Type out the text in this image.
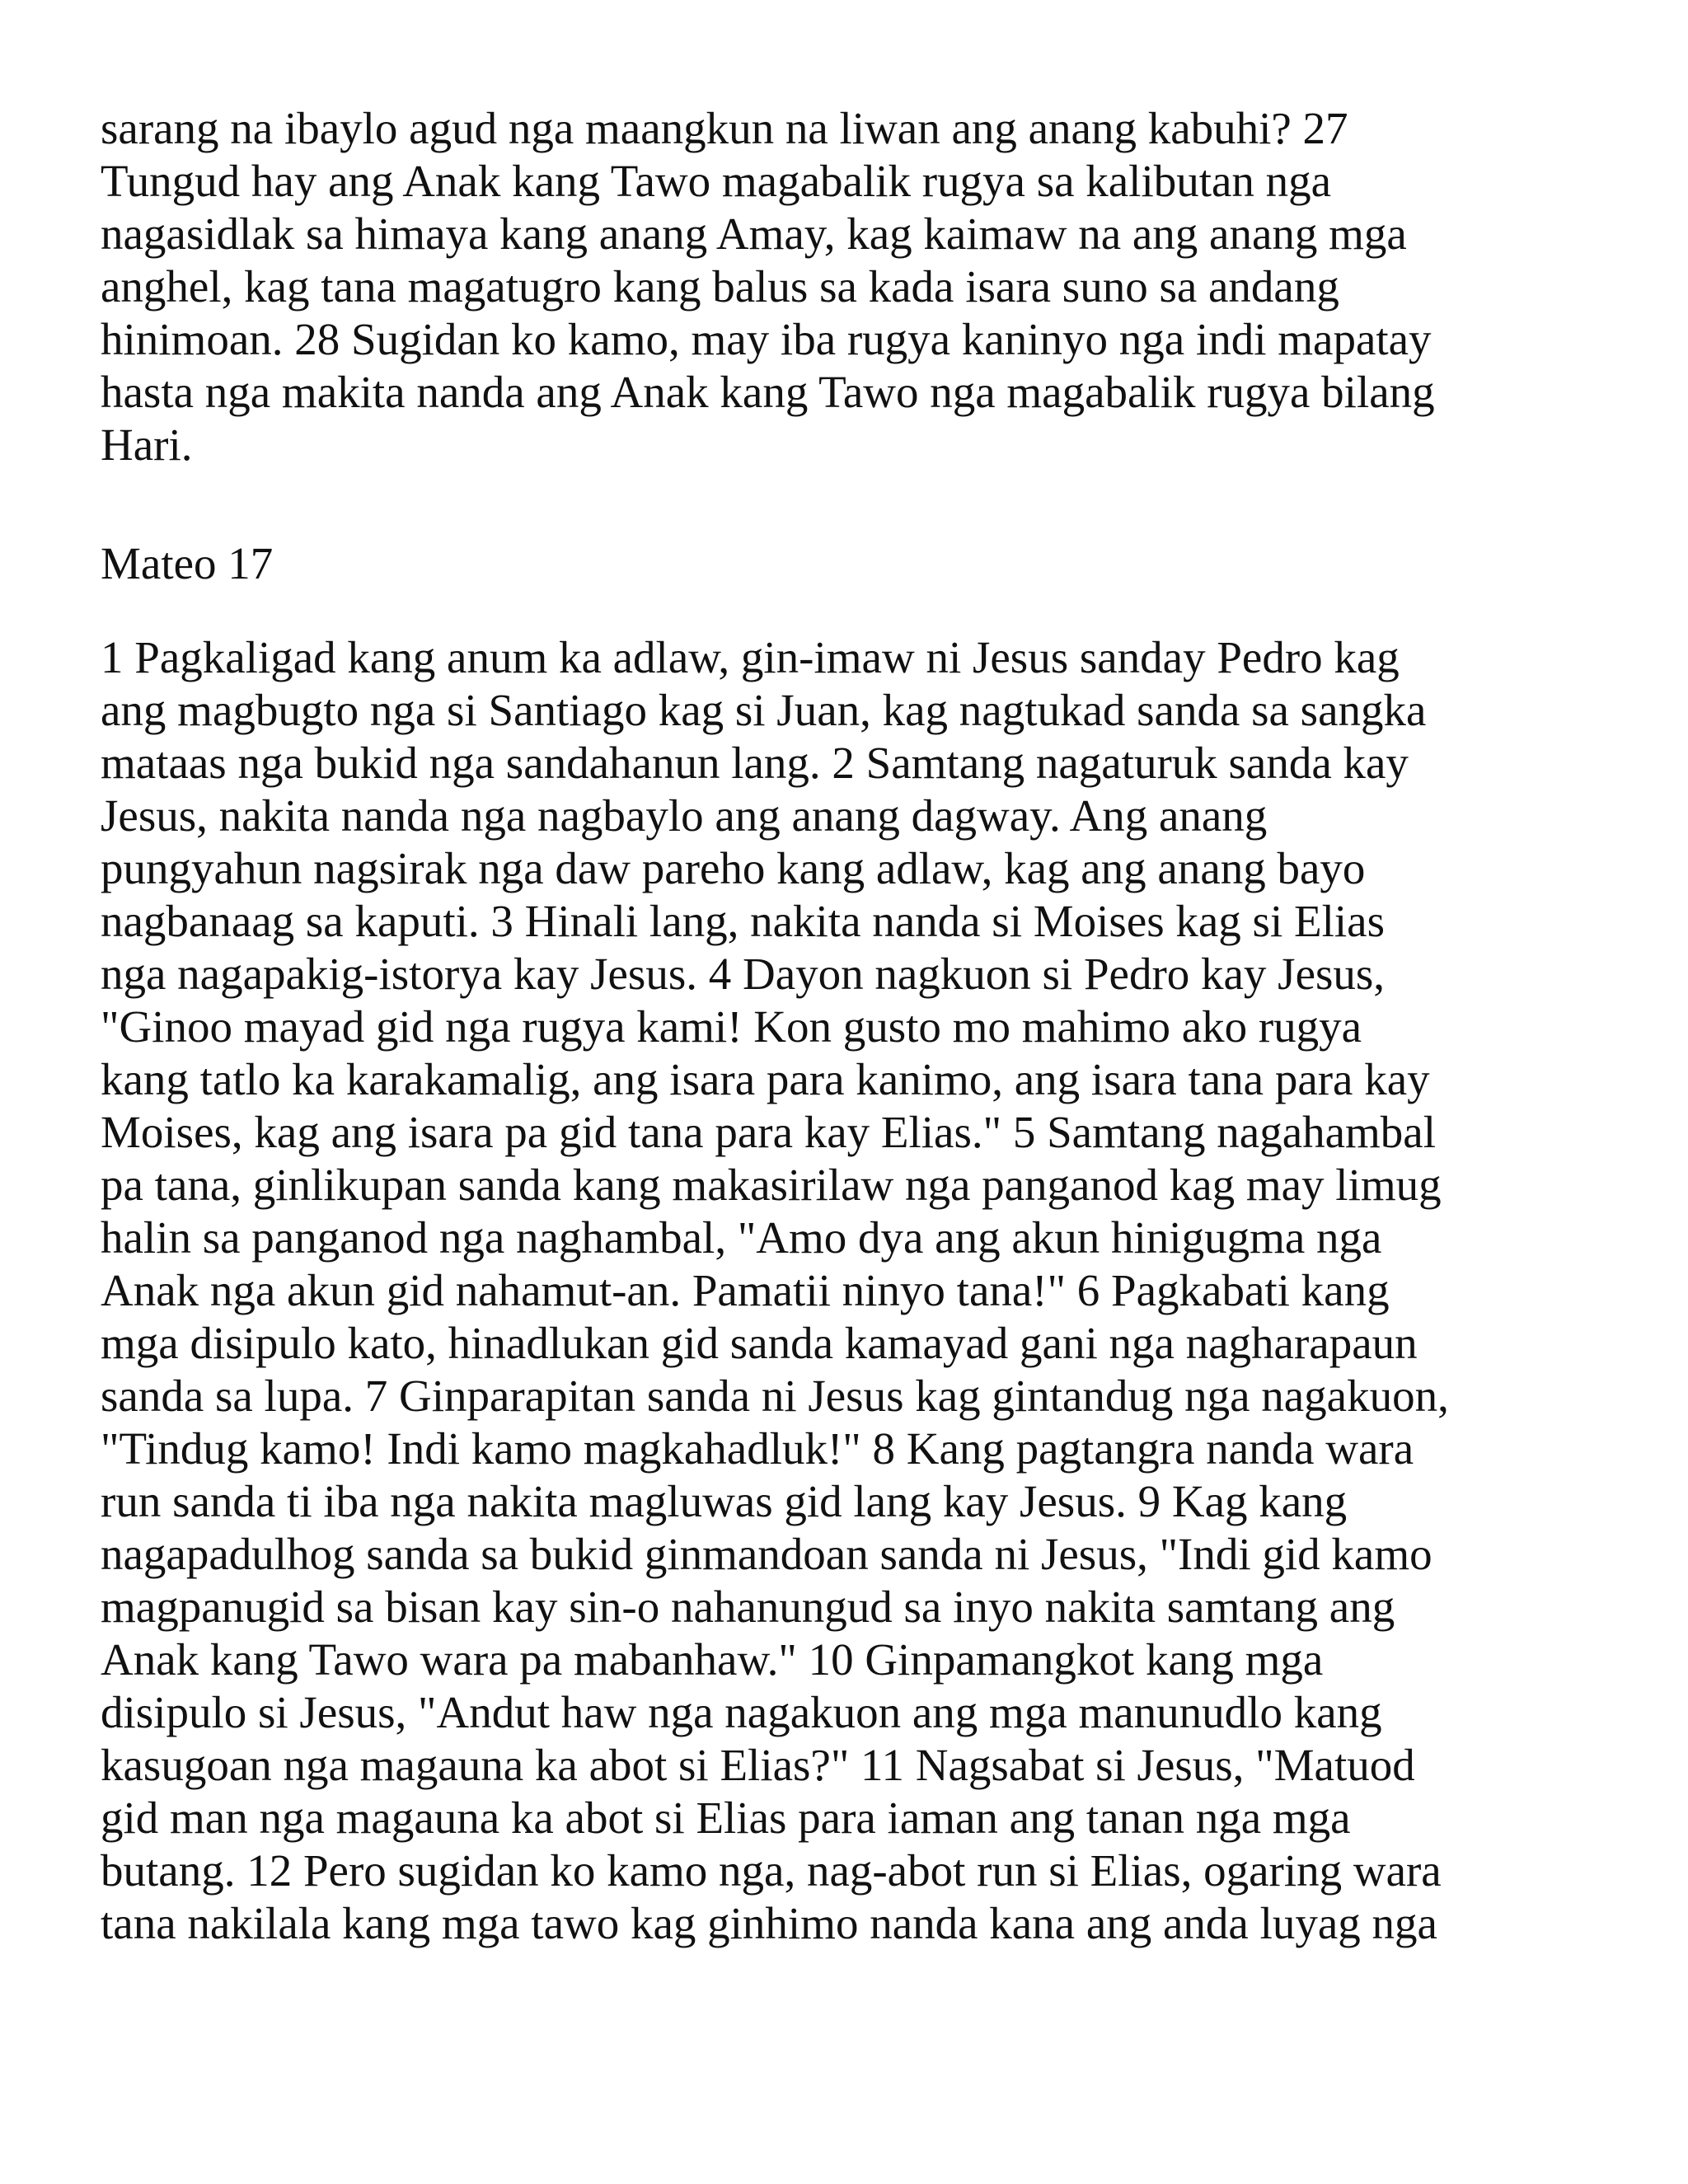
sarang na ibaylo agud nga maangkun na liwan ang anang kabuhi? 27
Tungud hay ang Anak kang Tawo magabalik rugya sa kalibutan nga
nagasidlak sa himaya kang anang Amay, kag kaimaw na ang anang mga
anghel, kag tana magatugro kang balus sa kada isara suno sa andang
hinimoan. 28 Sugidan ko kamo, may iba rugya kaninyo nga indi mapatay
hasta nga makita nanda ang Anak kang Tawo nga magabalik rugya bilang
Hari.
Mateo 17
1 Pagkaligad kang anum ka adlaw, gin-imaw ni Jesus sanday Pedro kag
ang magbugto nga si Santiago kag si Juan, kag nagtukad sanda sa sangka
mataas nga bukid nga sandahanun lang. 2 Samtang nagaturuk sanda kay
Jesus, nakita nanda nga nagbaylo ang anang dagway. Ang anang
pungyahun nagsirak nga daw pareho kang adlaw, kag ang anang bayo
nagbanaag sa kaputi. 3 Hinali lang, nakita nanda si Moises kag si Elias
nga nagapakig-istorya kay Jesus. 4 Dayon nagkuon si Pedro kay Jesus,
"Ginoo mayad gid nga rugya kami! Kon gusto mo mahimo ako rugya
kang tatlo ka karakamalig, ang isara para kanimo, ang isara tana para kay
Moises, kag ang isara pa gid tana para kay Elias." 5 Samtang nagahambal
pa tana, ginlikupan sanda kang makasirilaw nga panganod kag may limug
halin sa panganod nga naghambal, "Amo dya ang akun hinigugma nga
Anak nga akun gid nahamut-an. Pamatii ninyo tana!" 6 Pagkabati kang
mga disipulo kato, hinadlukan gid sanda kamayad gani nga nagharapaun
sanda sa lupa. 7 Ginparapitan sanda ni Jesus kag gintandug nga nagakuon,
"Tindug kamo! Indi kamo magkahadluk!" 8 Kang pagtangra nanda wara
run sanda ti iba nga nakita magluwas gid lang kay Jesus. 9 Kag kang
nagapadulhog sanda sa bukid ginmandoan sanda ni Jesus, "Indi gid kamo
magpanugid sa bisan kay sin-o nahanungud sa inyo nakita samtang ang
Anak kang Tawo wara pa mabanhaw." 10 Ginpamangkot kang mga
disipulo si Jesus, "Andut haw nga nagakuon ang mga manunudlo kang
kasugoan nga magauna ka abot si Elias?" 11 Nagsabat si Jesus, "Matuod
gid man nga magauna ka abot si Elias para iaman ang tanan nga mga
butang. 12 Pero sugidan ko kamo nga, nag-abot run si Elias, ogaring wara
tana nakilala kang mga tawo kag ginhimo nanda kana ang anda luyag nga
